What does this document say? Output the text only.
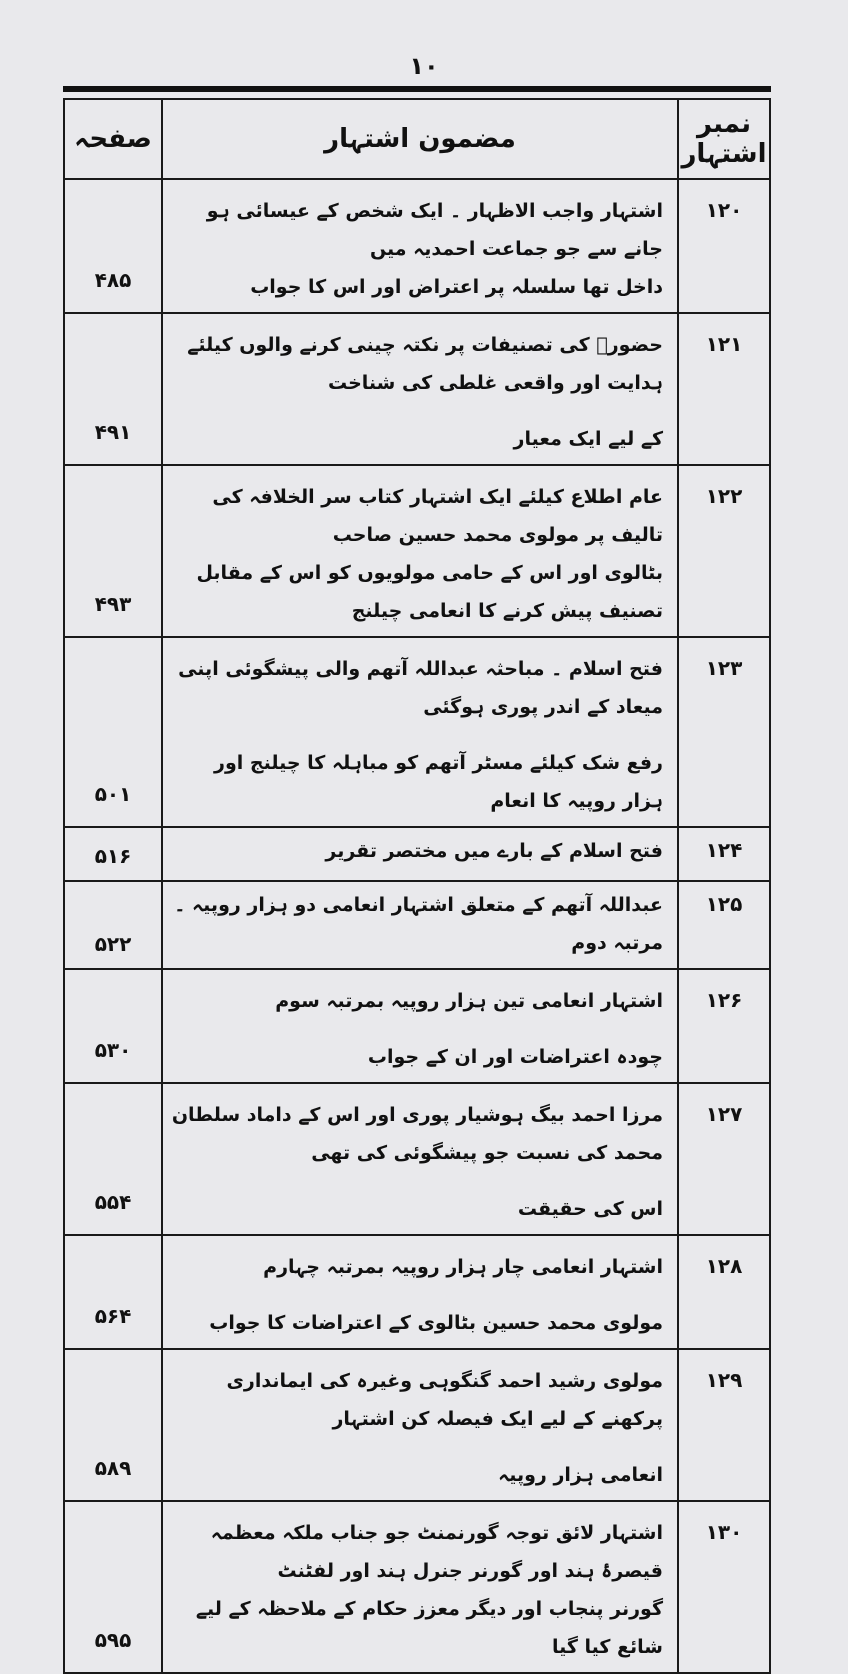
۱۰
نمبر اشتہار	مضمون اشتہار	صفحہ
۱۲۰	اشتہار واجب الاظہار ۔ ایک شخص کے عیسائی ہو جانے سے جو جماعت احمدیہ میں
داخل تھا سلسلہ پر اعتراض اور اس کا جواب	۴۸۵
۱۲۱	حضورؑ کی تصنیفات پر نکتہ چینی کرنے والوں کیلئے ہدایت اور واقعی غلطی کی شناخت
کے لیے ایک معیار	۴۹۱
۱۲۲	عام اطلاع کیلئے ایک اشتہار کتاب سر الخلافہ کی تالیف پر مولوی محمد حسین صاحب
بٹالوی اور اس کے حامی مولویوں کو اس کے مقابل تصنیف پیش کرنے کا انعامی چیلنج	۴۹۳
۱۲۳	فتح اسلام ۔ مباحثہ عبداللہ آتھم والی پیشگوئی اپنی میعاد کے اندر پوری ہوگئی
رفع شک کیلئے مسٹر آتھم کو مباہلہ کا چیلنج اور ہزار روپیہ کا انعام	۵۰۱
۱۲۴	فتح اسلام کے بارے میں مختصر تقریر	۵۱۶
۱۲۵	عبداللہ آتھم کے متعلق اشتہار انعامی دو ہزار روپیہ ۔ مرتبہ دوم	۵۲۲
۱۲۶	اشتہار انعامی تین ہزار روپیہ بمرتبہ سوم
چودہ اعتراضات اور ان کے جواب	۵۳۰
۱۲۷	مرزا احمد بیگ ہوشیار پوری اور اس کے داماد سلطان محمد کی نسبت جو پیشگوئی کی تھی
اس کی حقیقت	۵۵۴
۱۲۸	اشتہار انعامی چار ہزار روپیہ بمرتبہ چہارم
مولوی محمد حسین بٹالوی کے اعتراضات کا جواب	۵۶۴
۱۲۹	مولوی رشید احمد گنگوہی وغیرہ کی ایمانداری پرکھنے کے لیے ایک فیصلہ کن اشتہار
انعامی ہزار روپیہ	۵۸۹
۱۳۰	اشتہار لائق توجہ گورنمنٹ جو جناب ملکہ معظمہ قیصرۂ ہند اور گورنر جنرل ہند اور لفٹنٹ
گورنر پنجاب اور دیگر معزز حکام کے ملاحظہ کے لیے شائع کیا گیا	۵۹۵
